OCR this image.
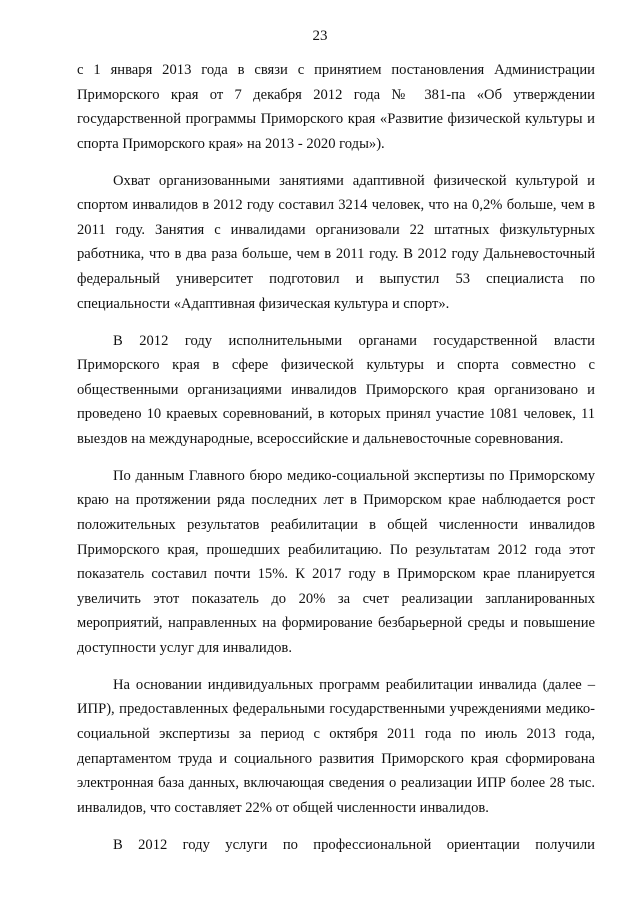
23

с 1 января 2013 года в связи с принятием постановления Администрации Приморского края от 7 декабря 2012 года № 381-па «Об утверждении государственной программы Приморского края «Развитие физической культуры и спорта Приморского края» на 2013 - 2020 годы»).

Охват организованными занятиями адаптивной физической культурой и спортом инвалидов в 2012 году составил 3214 человек, что на 0,2% больше, чем в 2011 году. Занятия с инвалидами организовали 22 штатных физкультурных работника, что в два раза больше, чем в 2011 году. В 2012 году Дальневосточный федеральный университет подготовил и выпустил 53 специалиста по специальности «Адаптивная физическая культура и спорт».

В 2012 году исполнительными органами государственной власти Приморского края в сфере физической культуры и спорта совместно с общественными организациями инвалидов Приморского края организовано и проведено 10 краевых соревнований, в которых принял участие 1081 человек, 11 выездов на международные, всероссийские и дальневосточные соревнования.

По данным Главного бюро медико-социальной экспертизы по Приморскому краю на протяжении ряда последних лет в Приморском крае наблюдается рост положительных результатов реабилитации в общей численности инвалидов Приморского края, прошедших реабилитацию. По результатам 2012 года этот показатель составил почти 15%. К 2017 году в Приморском крае планируется увеличить этот показатель до 20% за счет реализации запланированных мероприятий, направленных на формирование безбарьерной среды и повышение доступности услуг для инвалидов.

На основании индивидуальных программ реабилитации инвалида (далее – ИПР), предоставленных федеральными государственными учреждениями медико-социальной экспертизы за период с октября 2011 года по июль 2013 года, департаментом труда и социального развития Приморского края сформирована электронная база данных, включающая сведения о реализации ИПР более 28 тыс. инвалидов, что составляет 22% от общей численности инвалидов.

В 2012 году услуги по профессиональной ориентации получили
